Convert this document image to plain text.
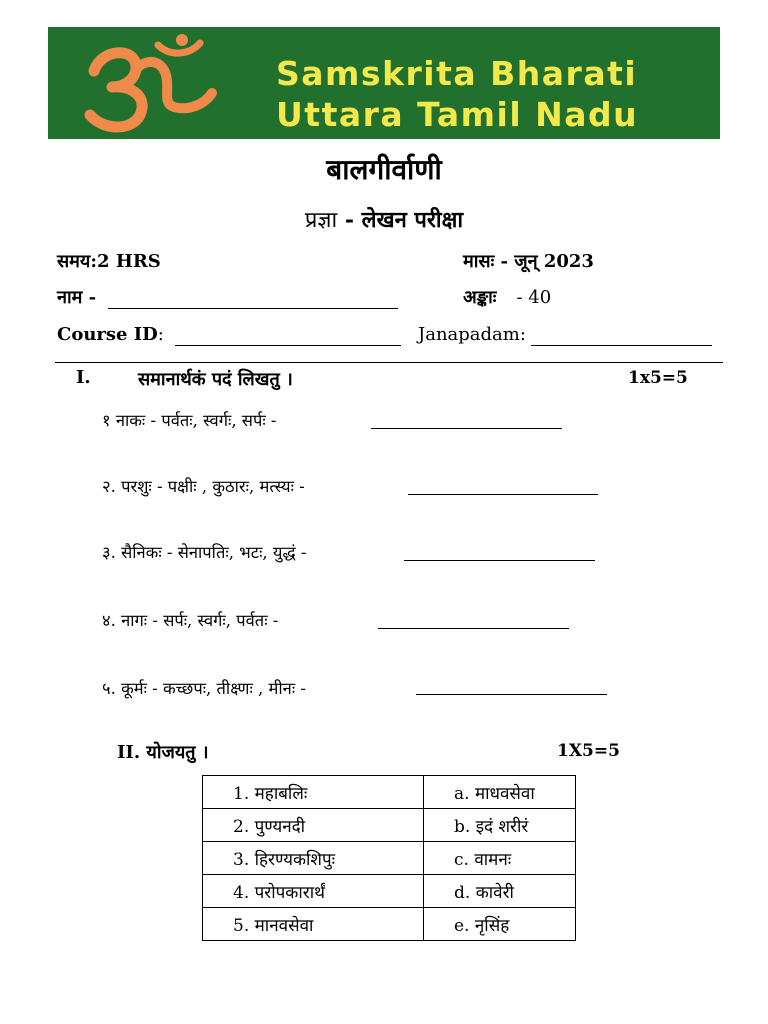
Samskrita Bharati
Uttara Tamil Nadu
बालगीर्वाणी
प्रज्ञा - लेखन परीक्षा
समय:2 HRS	मासः - जून् 2023
नाम -	अङ्काः - 40
Course ID:	Janapadam:
I.	समानार्थकं पदं लिखतु ।	1x5=5
१ नाकः - पर्वतः, स्वर्गः, सर्पः -
२. परशुः - पक्षीः , कुठारः, मत्स्यः -
३. सैनिकः - सेनापतिः, भटः, युद्धं -
४. नागः - सर्पः, स्वर्गः, पर्वतः -
५. कूर्मः - कच्छपः, तीक्ष्णः , मीनः -
II. योजयतु ।	1X5=5
1. महाबलिः	a. माधवसेवा
2. पुण्यनदी	b. इदं शरीरं
3. हिरण्यकशिपुः	c. वामनः
4. परोपकारार्थं	d. कावेरी
5. मानवसेवा	e. नृसिंह
